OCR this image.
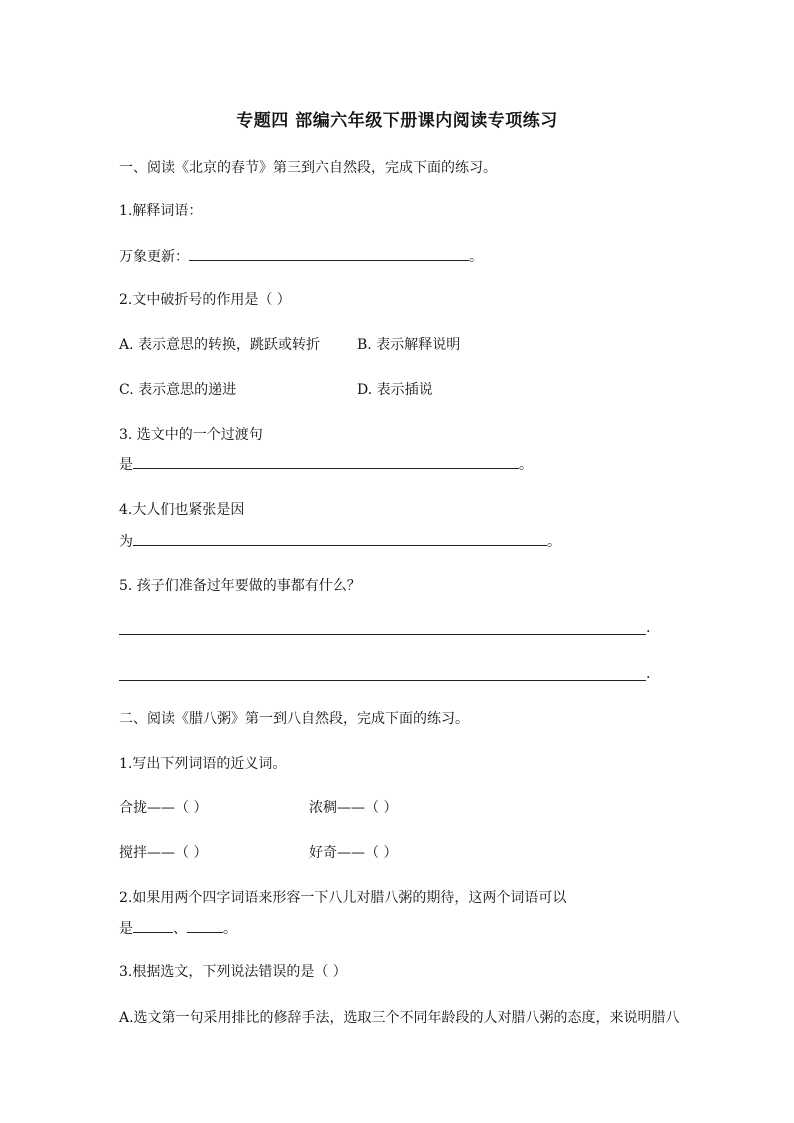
专题四 部编六年级下册课内阅读专项练习
一、阅读《北京的春节》第三到六自然段，完成下面的练习。
1.解释词语：
万象更新：	。
2.文中破折号的作用是（ ）
A. 表示意思的转换，跳跃或转折	B. 表示解释说明
C. 表示意思的递进	D. 表示插说
3. 选文中的一个过渡句
是	。
4.大人们也紧张是因
为	。
5. 孩子们准备过年要做的事都有什么？
.
.
二、阅读《腊八粥》第一到八自然段，完成下面的练习。
1.写出下列词语的近义词。
合拢——（ ）	浓稠——（ ）
搅拌——（ ）	好奇——（ ）
2.如果用两个四字词语来形容一下八儿对腊八粥的期待，这两个词语可以
是	、	。
3.根据选文，下列说法错误的是（ ）
A.选文第一句采用排比的修辞手法，选取三个不同年龄段的人对腊八粥的态度，来说明腊八
